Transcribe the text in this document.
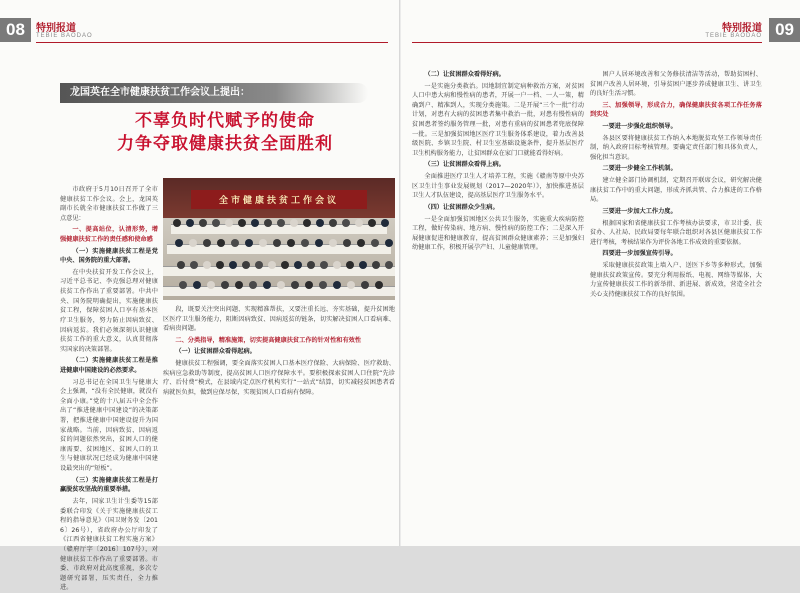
08	特别报道
TEBIE BAODAO	09
特别报道
TEBIE BAODAO
龙国英在全市健康扶贫工作会议上提出：
不辜负时代赋予的使命
力争夺取健康扶贫全面胜利
全市健康扶贫工作会议

市政府于5月10日召开了全市健康扶贫工作会议。会上，龙国英副市长就全市健康扶贫工作做了三点意见：

一、提高站位，认清形势，增强健康扶贫工作的责任感和使命感

（一）实施健康扶贫工程是党中央、国务院的重大部署。

在中央扶贫开发工作会议上，习近平总书记、李克强总理对健康扶贫工作作出了重要部署。中共中央、国务院明确提出，实施健康扶贫工程，保障贫困人口享有基本医疗卫生服务，努力防止因病致贫、因病返贫。我们必须深刻认识健康扶贫工作的重大意义，认真贯彻落实国家的决策部署。

（二）实施健康扶贫工程是推进健康中国建设的必然要求。

习总书记在全国卫生与健康大会上强调，“没有全民健康，就没有全面小康。”党的十八届五中全会作出了“推进健康中国建设”的决策部署，把推进健康中国建设提升为国家战略。当前，因病致贫、因病返贫的问题依然突出，贫困人口的健康需要、贫困地区、贫困人口的卫生与健康状况已经成为健康中国建设最突出的“短板”。

（三）实施健康扶贫工程是打赢脱贫攻坚战的重要举措。

去年，国家卫生计生委等15部委联合印发《关于实施健康扶贫工程的指导意见》（国卫财务发〔2016〕26号），省政府办公厅印发了《江西省健康扶贫工程实施方案》（赣府厅字〔2016〕107号），对健康扶贫工作作出了重要部署。市委、市政府对此高度重视，多次专题研究部署，压实责任，全力推进。

段，既要关注突出问题、实现精准帮扶，又要注重长远、夯实基础，提升贫困地区医疗卫生服务能力，阻断因病致贫、因病返贫的链条，切实解决贫困人口看病难、看病贵问题。

二、分类指导，精准施策，切实提高健康扶贫工作的针对性和有效性

（一）让贫困群众看得起病。

健康扶贫工程强调，要全面落实贫困人口基本医疗保险、大病保险、医疗救助、疾病应急救助等制度，提高贫困人口医疗保障水平。要积极探索贫困人口住院“先诊疗、后付费”模式，在县域内定点医疗机构实行“一站式”结算，切实减轻贫困患者看病就医负担，做到应保尽保，实现贫困人口看病有保障。

（二）让贫困群众看得好病。

一是实施分类救治。因地制宜制定病种救治方案，对贫困人口中患大病和慢性病的患者，开展一户一档、一人一策，精确到户、精准到人，实现分类施策。二是开展“三个一批”行动计划，对患有大病的贫困患者集中救治一批，对患有慢性病的贫困患者签约服务管理一批，对患有重病的贫困患者兜底保障一批。三是加强贫困地区医疗卫生服务体系建设，着力改善县级医院、乡镇卫生院、村卫生室基础设施条件，提升基层医疗卫生机构服务能力，让贫困群众在家门口就能看得好病。

（三）让贫困群众看得上病。

全面推进医疗卫生人才培养工程，实施《赣南等原中央苏区卫生计生事业发展规划（2017—2020年）》，加快推进基层卫生人才队伍建设，提高基层医疗卫生服务水平。

（四）让贫困群众少生病。

一是全面加强贫困地区公共卫生服务，实施重大疾病防控工程，做好传染病、地方病、慢性病的防控工作；二是深入开展健康促进和健康教育，提高贫困群众健康素养；三是加强妇幼健康工作，积极开展孕产妇、儿童健康管理。

困户人居环境改善和父务修扶清洁等活动，帮助贫困村、贫困户改善人居环境，引导贫困户逐步养成健康卫生、讲卫生的良好生活习惯。

三、加强领导，形成合力，确保健康扶贫各项工作任务落到实处

一要进一步强化组织领导。

各县区要将健康扶贫工作纳入本地脱贫攻坚工作领导责任制，纳入政府目标考核管理。要确定责任部门和具体负责人，强化担当意识。

二要进一步健全工作机制。

建立健全部门协调机制，定期召开联席会议，研究解决健康扶贫工作中的重大问题，形成齐抓共管、合力推进的工作格局。

三要进一步加大工作力度。

根据国家和省健康扶贫工作考核办法要求，市卫计委、扶贫办、人社局、民政局要每年联合组织对各县区健康扶贫工作进行考核，考核结果作为评价各地工作成效的重要依据。

四要进一步加强宣传引导。

采取健康扶贫政策上墙入户、送医下乡等多种形式，加强健康扶贫政策宣传。要充分利用报纸、电视、网络等媒体，大力宣传健康扶贫工作的新举措、新进展、新成效，营造全社会关心支持健康扶贫工作的良好氛围。
